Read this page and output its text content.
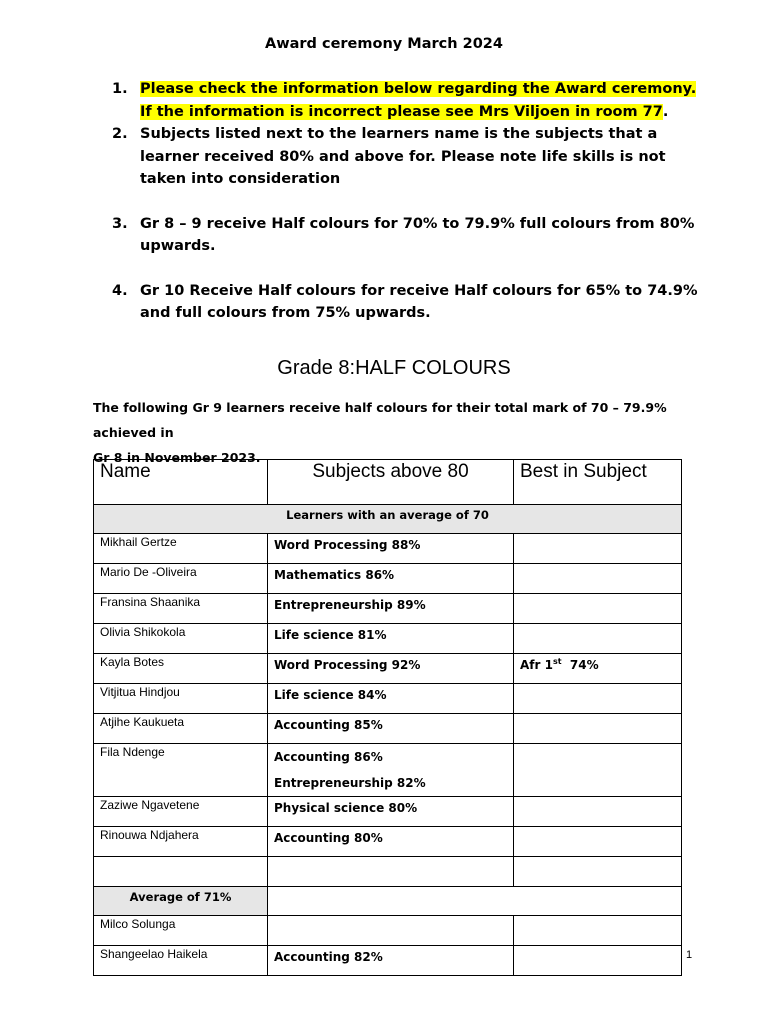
Award ceremony March 2024
1. Please check the information below regarding the Award ceremony. If the information is incorrect please see Mrs Viljoen in room 77.
2. Subjects listed next to the learners name is the subjects that a learner received 80% and above for. Please note life skills is not taken into consideration
3. Gr 8 – 9 receive Half colours for 70% to 79.9% full colours from 80% upwards.
4. Gr 10 Receive Half colours for receive Half colours for 65% to 74.9% and full colours from 75% upwards.
Grade 8:HALF COLOURS
The following Gr 9 learners receive half colours for their total mark of 70 – 79.9% achieved in
Gr 8 in November 2023.
Name	Subjects above 80	Best in Subject
Learners with an average of 70		
Mikhail Gertze	Word Processing 88%	

Mario De -Oliveira	Mathematics 86%	

Fransina Shaanika	Entrepreneurship 89%	

Olivia Shikokola	Life science 81%	

Kayla Botes	Word Processing 92%	Afr 1st  74%
Vitjitua Hindjou	Life science 84%	

Atjihe Kaukueta	Accounting 85%	

Fila Ndenge	Accounting 86%
Entrepreneurship 82%	

Zaziwe Ngavetene	Physical science 80%	

Rinouwa Ndjahera	Accounting 80%	

Average of 71%		
Milco Solunga	

Shangeelao Haikela	Accounting 82%	
		1
